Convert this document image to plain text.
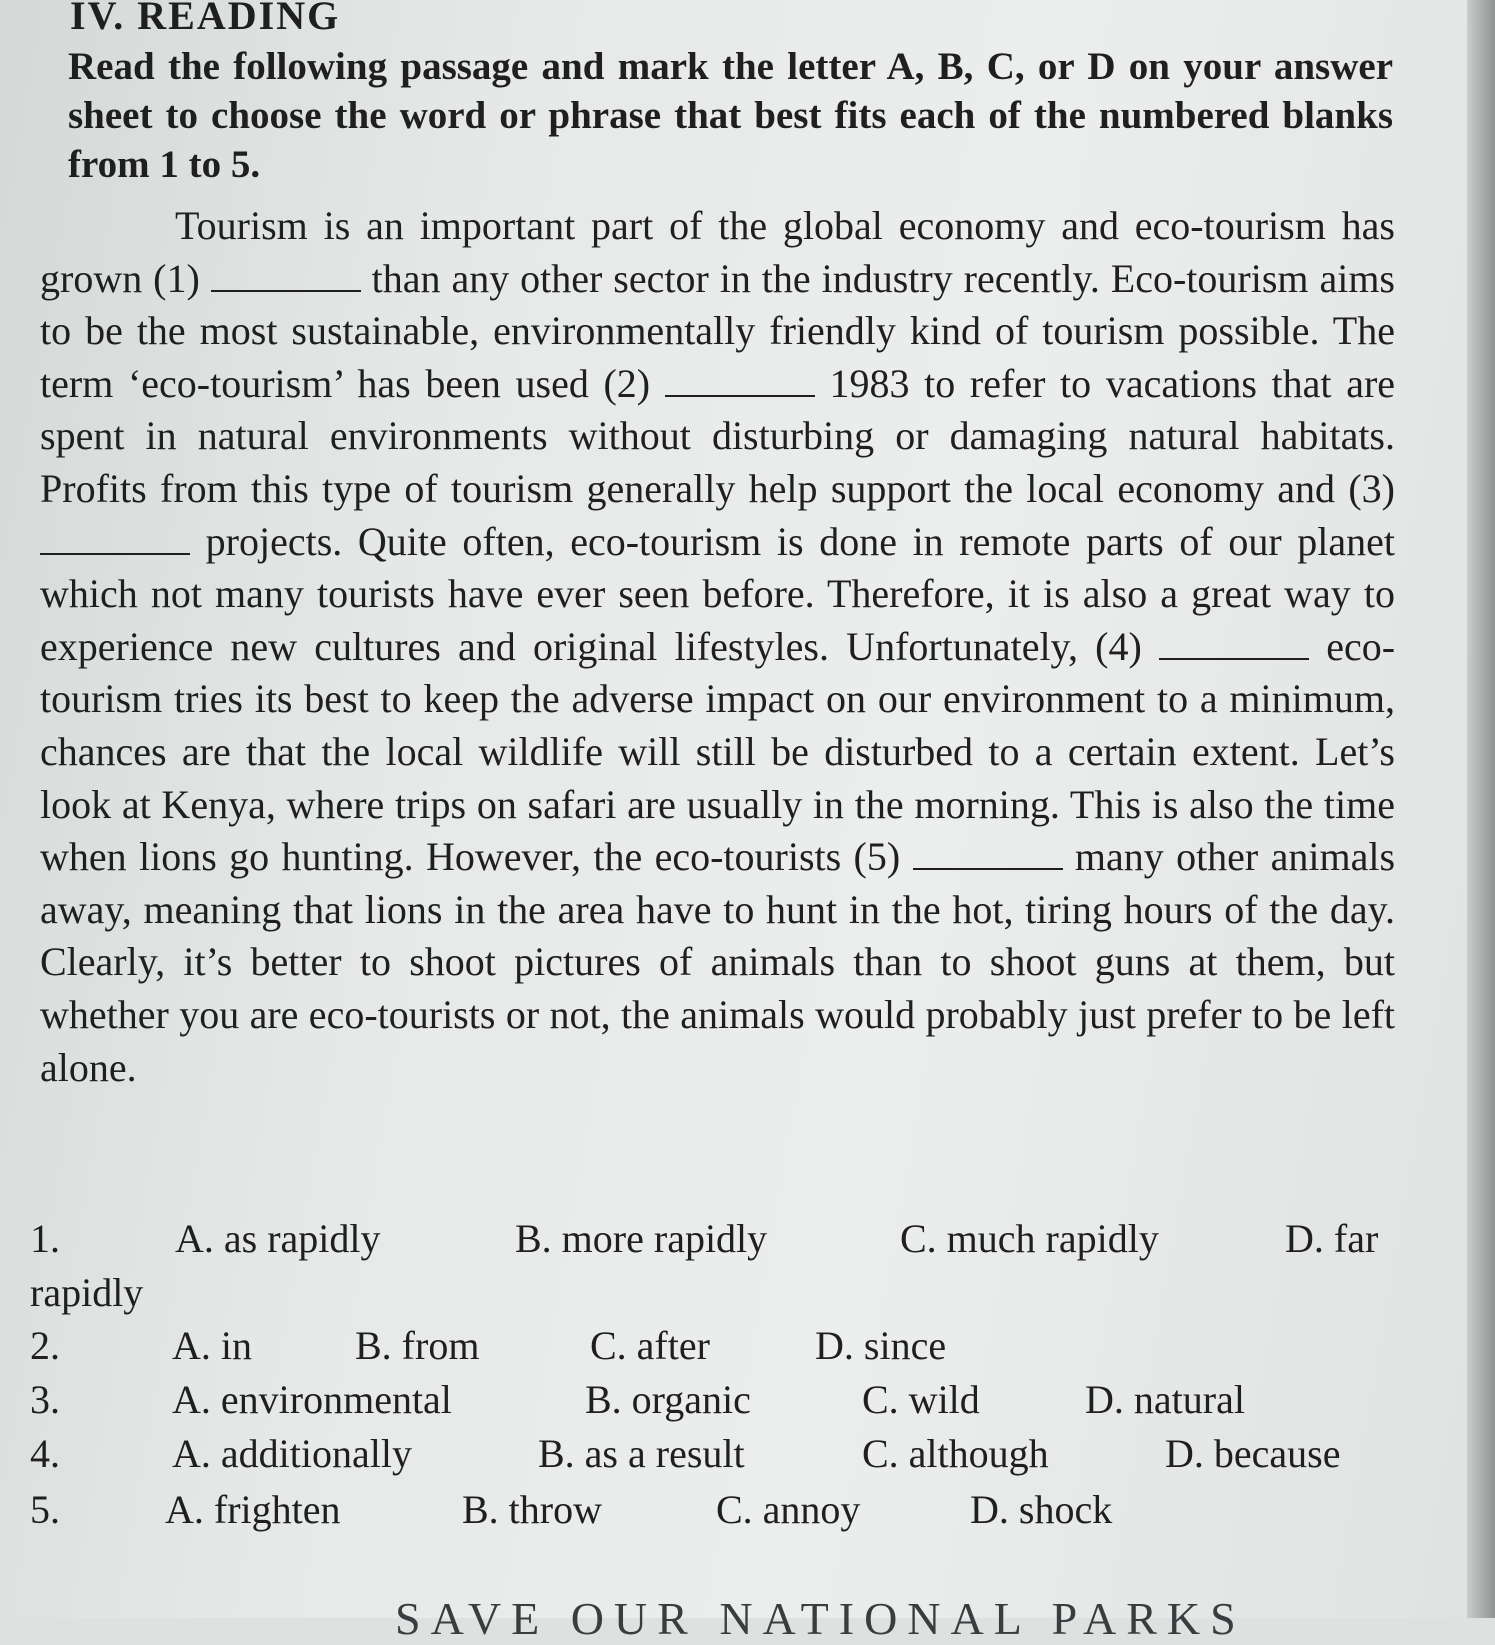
IV. READING
Read the following passage and mark the letter A, B, C, or D on your answer sheet to choose the word or phrase that best fits each of the numbered blanks from 1 to 5.

Tourism is an important part of the global economy and eco-tourism has grown (1)	than any other sector in the industry recently. Eco-tourism aims to be the most sustainable, environmentally friendly kind of tourism possible. The term ‘eco-tourism’ has been used (2)	1983 to refer to vacations that are spent in natural environments without disturbing or damaging natural habitats. Profits from this type of tourism generally help support the local economy and (3)  projects. Quite often, eco-tourism is done in remote parts of our planet which not many tourists have ever seen before. Therefore, it is also a great way to experience new cultures and original lifestyles. Unfortunately, (4)	eco-tourism tries its best to keep the adverse impact on our environment to a minimum, chances are that the local wildlife will still be disturbed to a certain extent. Let’s look at Kenya, where trips on safari are usually in the morning. This is also the time when lions go hunting. However, the eco-tourists (5)	many other animals away, meaning that lions in the area have to hunt in the hot, tiring hours of the day. Clearly, it’s better to shoot pictures of animals than to shoot guns at them, but whether you are eco-tourists or not, the animals would probably just prefer to be left alone.

1.	A. as rapidly	B. more rapidly	C. much rapidly	D. far
rapidly
2.	A. in	B. from	C. after	D. since
3.	A. environmental	B. organic	C. wild	D. natural
4.	A. additionally	B. as a result	C. although	D. because
5.	A. frighten	B. throw	C. annoy	D. shock
SAVE OUR NATIONAL PARKS
